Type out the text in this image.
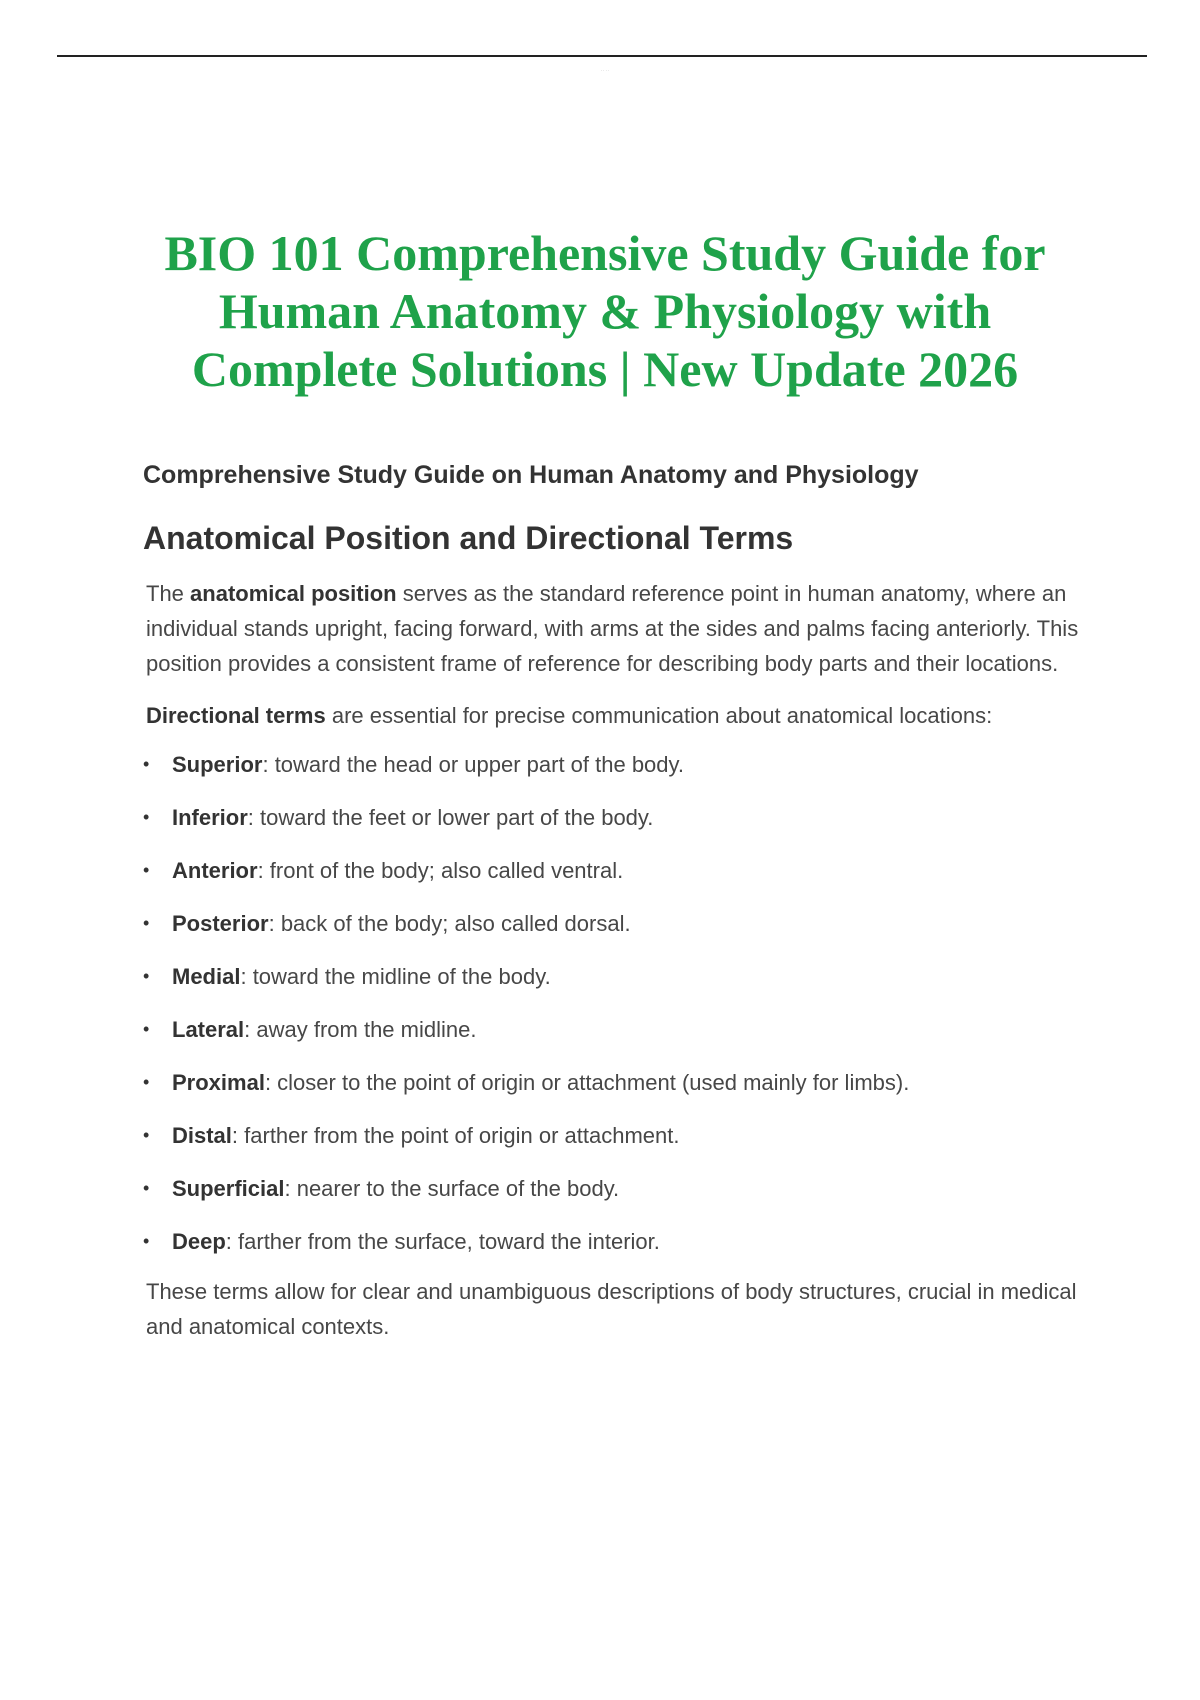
· · · ·
BIO 101 Comprehensive Study Guide for
Human Anatomy & Physiology with
Complete Solutions | New Update 2026
Comprehensive Study Guide on Human Anatomy and Physiology
Anatomical Position and Directional Terms

The anatomical position serves as the standard reference point in human anatomy, where an individual stands upright, facing forward, with arms at the sides and palms facing anteriorly. This position provides a consistent frame of reference for describing body parts and their locations.

Directional terms are essential for precise communication about anatomical locations:

• Superior: toward the head or upper part of the body.
• Inferior: toward the feet or lower part of the body.
• Anterior: front of the body; also called ventral.
• Posterior: back of the body; also called dorsal.
• Medial: toward the midline of the body.
• Lateral: away from the midline.
• Proximal: closer to the point of origin or attachment (used mainly for limbs).
• Distal: farther from the point of origin or attachment.
• Superficial: nearer to the surface of the body.
• Deep: farther from the surface, toward the interior.

These terms allow for clear and unambiguous descriptions of body structures, crucial in medical and anatomical contexts.
